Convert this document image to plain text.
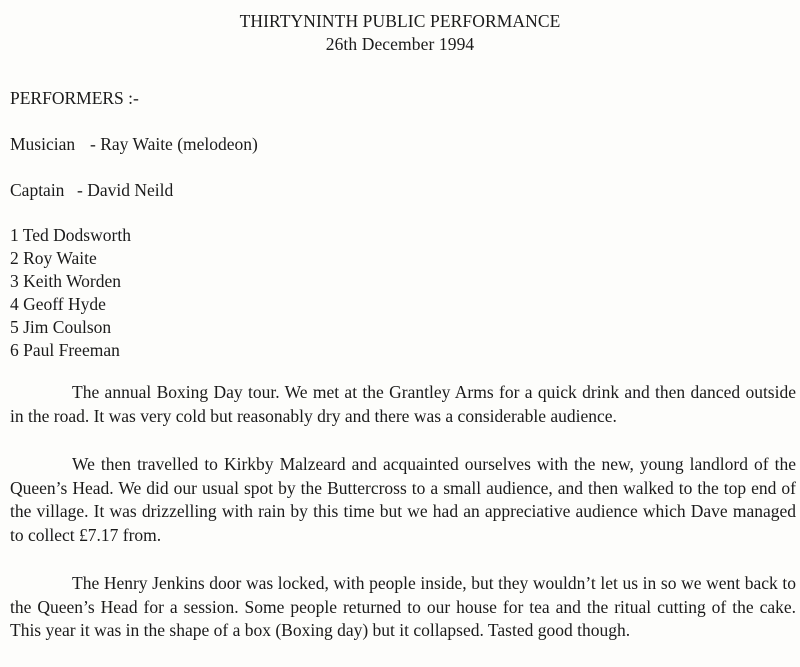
THIRTYNINTH PUBLIC PERFORMANCE
26th December 1994
PERFORMERS :-
Musician - Ray Waite (melodeon)
Captain - David Neild
1 Ted Dodsworth
2 Roy Waite
3 Keith Worden
4 Geoff Hyde
5 Jim Coulson
6 Paul Freeman

The annual Boxing Day tour. We met at the Grantley Arms for a quick drink and then danced outside in the road. It was very cold but reasonably dry and there was a considerable audience.

We then travelled to Kirkby Malzeard and acquainted ourselves with the new, young landlord of the Queen’s Head. We did our usual spot by the Buttercross to a small audience, and then walked to the top end of the village. It was drizzelling with rain by this time but we had an appreciative audience which Dave managed to collect £7.17 from.

The Henry Jenkins door was locked, with people inside, but they wouldn’t let us in so we went back to the Queen’s Head for a session. Some people returned to our house for tea and the ritual cutting of the cake. This year it was in the shape of a box (Boxing day) but it collapsed. Tasted good though.
